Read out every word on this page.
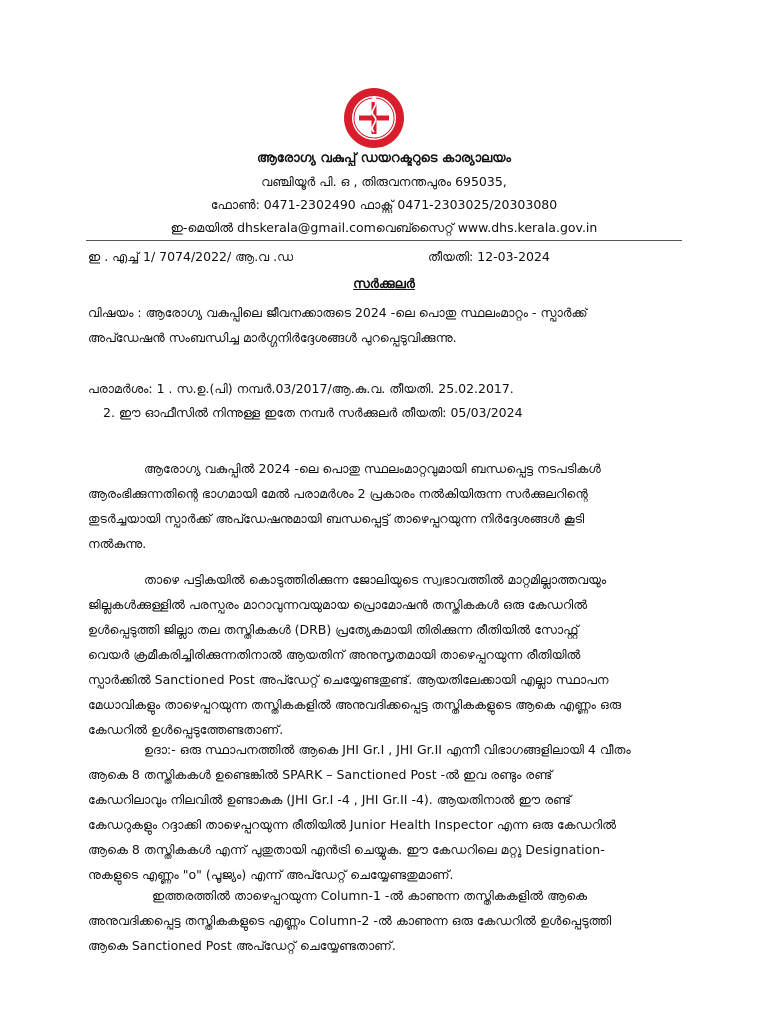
ആരോഗ്യ വകുപ്പ് ഡയറക്ടറുടെ കാര്യാലയം
വഞ്ചിയൂർ പി. ഒ , തിരുവനന്തപുരം 695035,
ഫോൺ: 0471-2302490 ഫാക്സ് 0471-2303025/20303080
ഇ-മെയിൽ dhskerala@gmail.comവെബ്സൈറ്റ് www.dhs.kerala.gov.in
ഇ . എച്ച് 1/ 7074/2022/ ആ.വ .ഡ	തീയതി: 12-03-2024
സർക്കുലർ
വിഷയം : ആരോഗ്യ വകുപ്പിലെ ജീവനക്കാരുടെ 2024 -ലെ പൊതു സ്ഥലംമാറ്റം - സ്പാർക്ക്
അപ്ഡേഷൻ സംബന്ധിച്ച മാർഗ്ഗനിർദ്ദേശങ്ങൾ പുറപ്പെടുവിക്കുന്നു.
പരാമർശം: 1 . സ.ഉ.(പി) നമ്പർ.03/2017/ആ.കു.വ. തീയതി. 25.02.2017.
2. ഈ ഓഫീസിൽ നിന്നുള്ള ഇതേ നമ്പർ സർക്കുലർ തീയതി: 05/03/2024
ആരോഗ്യ വകുപ്പിൽ 2024 -ലെ പൊതു സ്ഥലംമാറ്റവുമായി ബന്ധപ്പെട്ട നടപടികൾ
ആരംഭിക്കുന്നതിന്റെ ഭാഗമായി മേൽ പരാമർശം 2 പ്രകാരം നൽകിയിരുന്ന സർക്കുലറിന്റെ
തുടർച്ചയായി സ്പാർക്ക് അപ്ഡേഷനുമായി ബന്ധപ്പെട്ട് താഴെപ്പറയുന്ന നിർദ്ദേശങ്ങൾ കൂടി
നൽകുന്നു.
താഴെ പട്ടികയിൽ കൊടുത്തിരിക്കുന്ന ജോലിയുടെ സ്വഭാവത്തിൽ മാറ്റമില്ലാത്തവയും
ജില്ലകൾക്കുള്ളിൽ പരസ്പരം മാറാവുന്നവയുമായ പ്രൊമോഷൻ തസ്തികകൾ ഒരു കേഡറിൽ
ഉൾപ്പെടുത്തി ജില്ലാ തല തസ്തികകൾ (DRB) പ്രത്യേകമായി തിരിക്കുന്ന രീതിയിൽ സോഫ്റ്റ്
വെയർ ക്രമീകരിച്ചിരിക്കുന്നതിനാൽ ആയതിന് അനുസൃതമായി താഴെപ്പറയുന്ന രീതിയിൽ
സ്പാർക്കിൽ Sanctioned Post അപ്ഡേറ്റ് ചെയ്യേണ്ടതുണ്ട്. ആയതിലേക്കായി എല്ലാ സ്ഥാപന
മേധാവികളും താഴെപ്പറയുന്ന തസ്തികകളിൽ അനുവദിക്കപ്പെട്ട തസ്തികകളുടെ ആകെ എണ്ണം ഒരു
കേഡറിൽ ഉൾപ്പെടുത്തേണ്ടതാണ്.
ഉദാ:- ഒരു സ്ഥാപനത്തിൽ ആകെ JHI Gr.I , JHI Gr.II എന്നീ വിഭാഗങ്ങളിലായി 4 വീതം
ആകെ 8 തസ്തികകൾ ഉണ്ടെങ്കിൽ SPARK – Sanctioned Post -ൽ ഇവ രണ്ടും രണ്ട്
കേഡറിലാവും നിലവിൽ ഉണ്ടാകുക (JHI Gr.I -4 , JHI Gr.II -4). ആയതിനാൽ ഈ രണ്ട്
കേഡറുകളും റദ്ദാക്കി താഴെപ്പറയുന്ന രീതിയിൽ Junior Health Inspector എന്ന ഒരു കേഡറിൽ
ആകെ 8 തസ്തികകൾ എന്ന് പുതുതായി എൻട്രി ചെയ്യുക. ഈ കേഡറിലെ മറ്റു Designation-
നുകളുടെ എണ്ണം "o" (പൂജ്യം) എന്ന് അപ്ഡേറ്റ് ചെയ്യേണ്ടതുമാണ്.
ഇത്തരത്തിൽ താഴെപ്പറയുന്ന Column-1 -ൽ കാണുന്ന തസ്തികകളിൽ ആകെ
അനുവദിക്കപ്പെട്ട തസ്തികകളുടെ എണ്ണം Column-2 -ൽ കാണുന്ന ഒരു കേഡറിൽ ഉൾപ്പെടുത്തി
ആകെ Sanctioned Post അപ്ഡേറ്റ് ചെയ്യേണ്ടതാണ്.
